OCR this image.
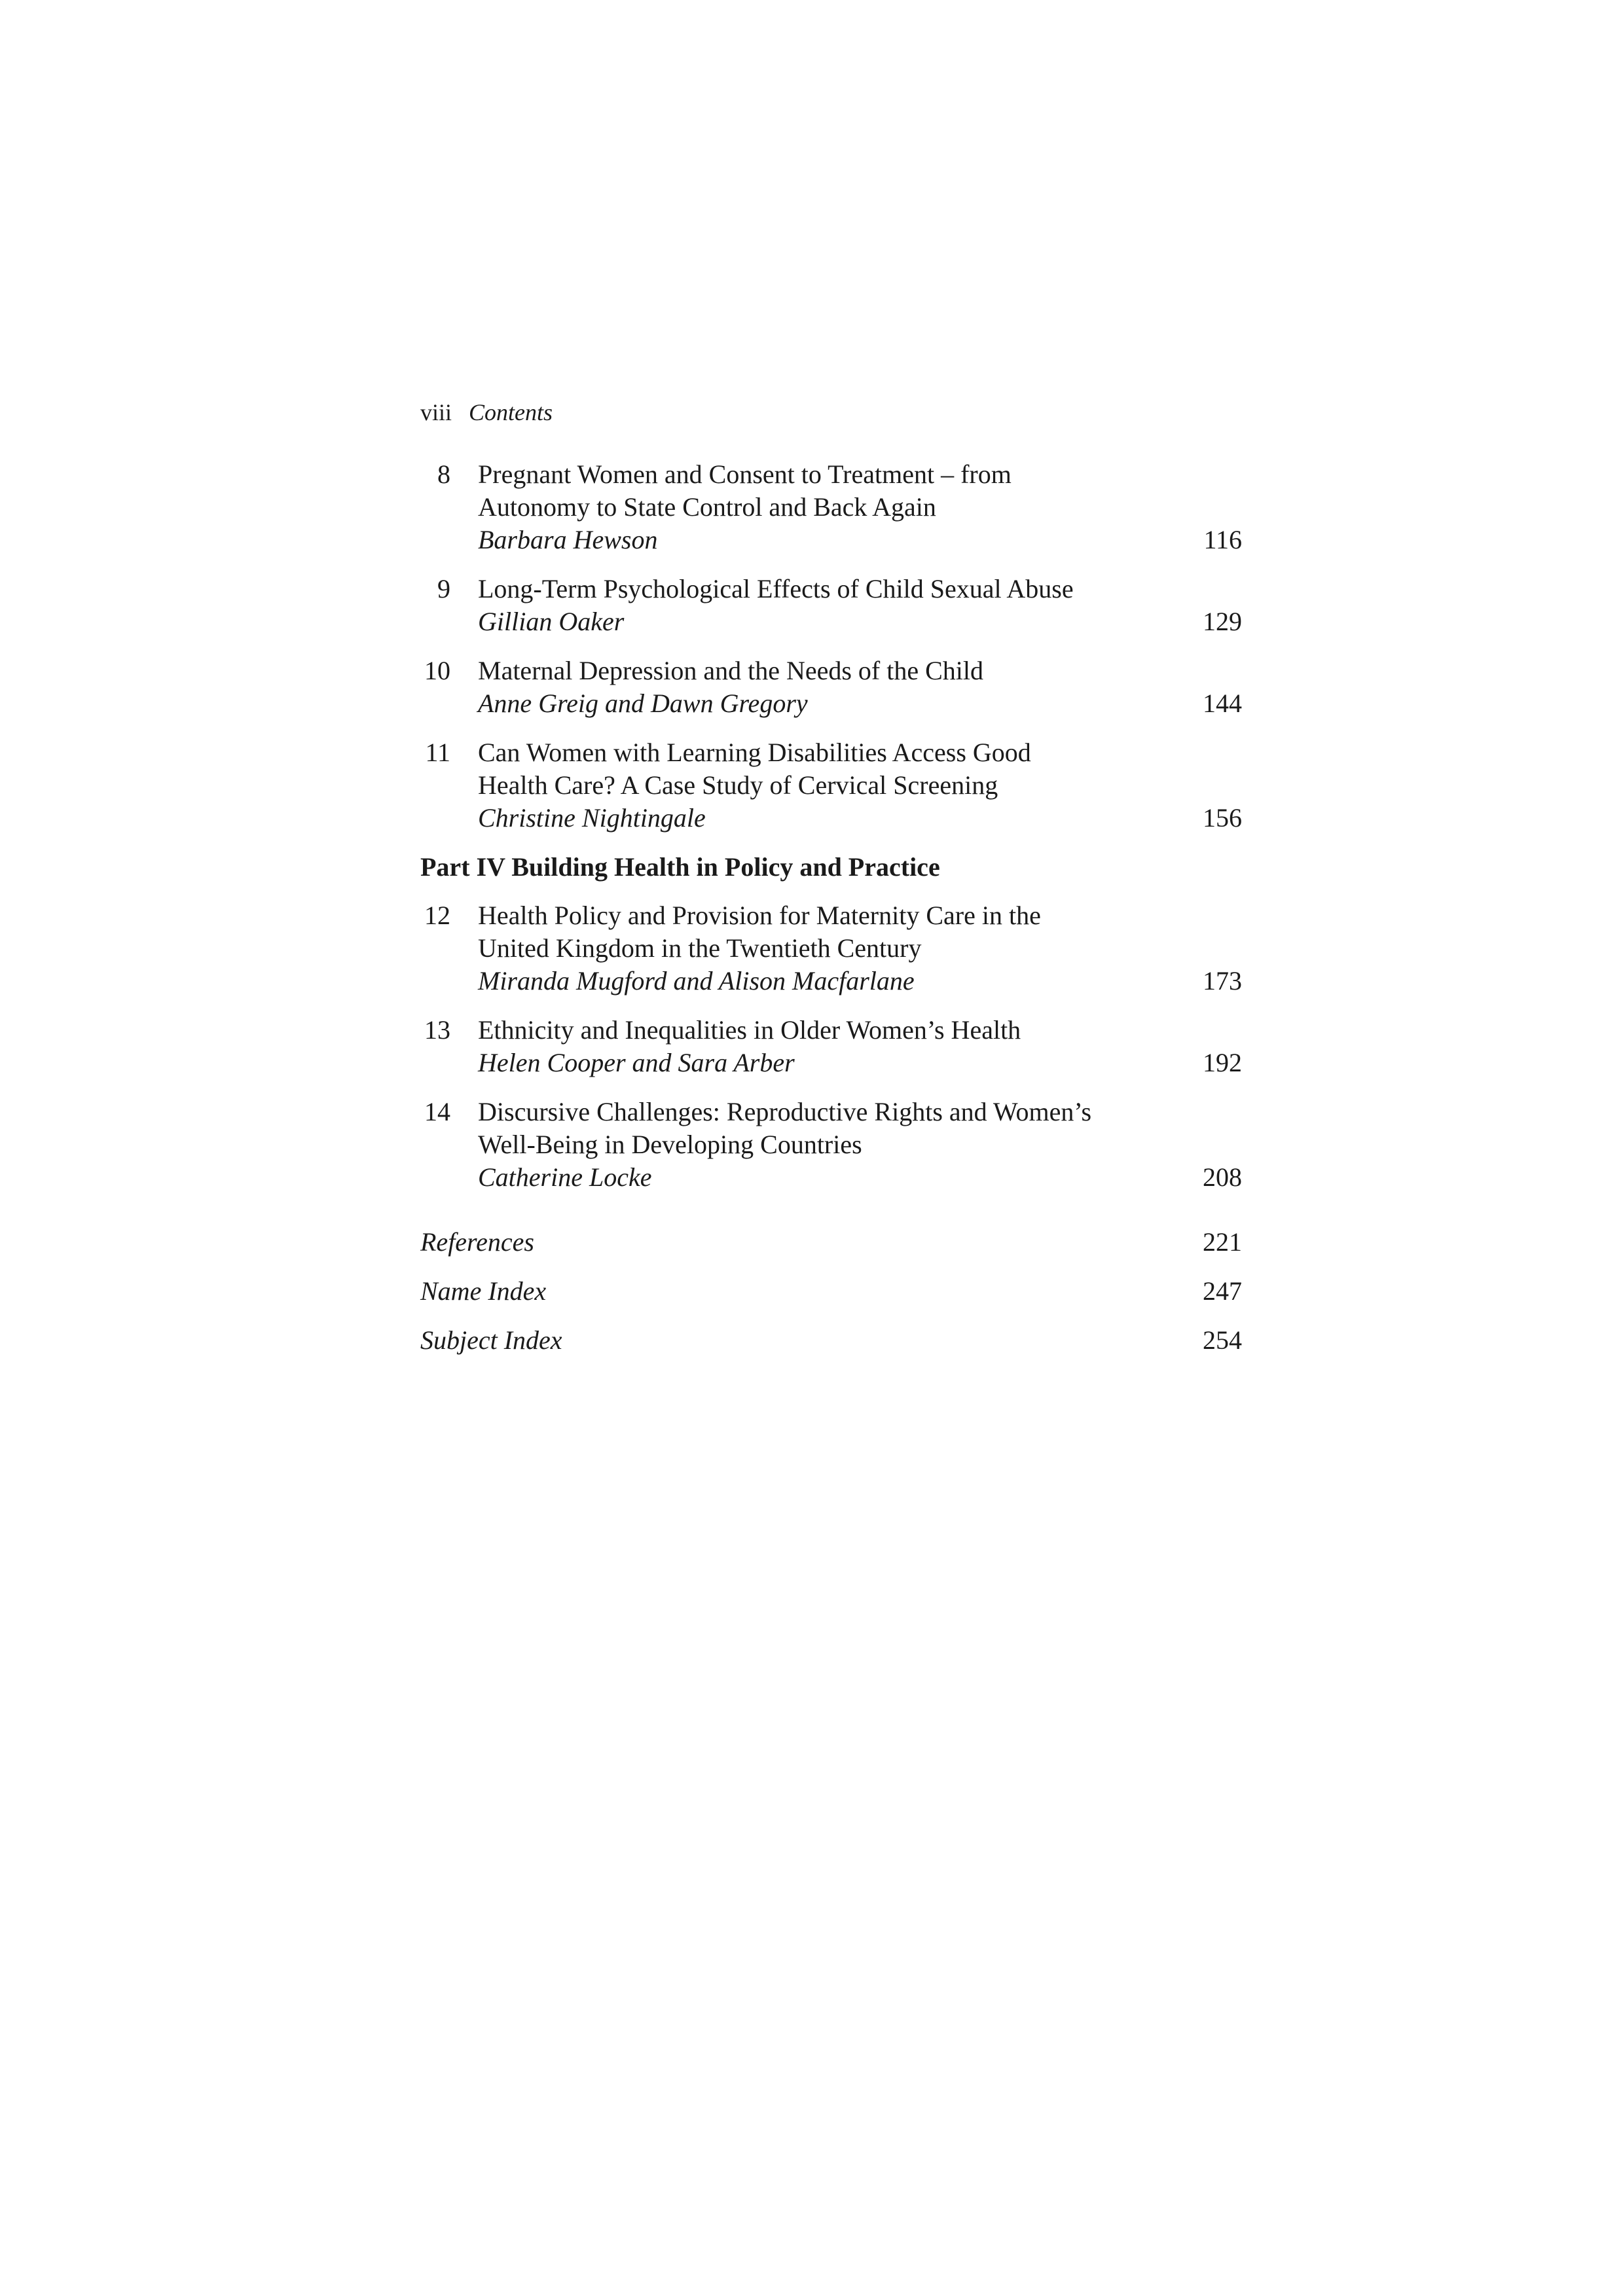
viii Contents
8 Pregnant Women and Consent to Treatment – from
Autonomy to State Control and Back Again
Barbara Hewson	116
9 Long-Term Psychological Effects of Child Sexual Abuse
Gillian Oaker	129
10 Maternal Depression and the Needs of the Child
Anne Greig and Dawn Gregory	144
11 Can Women with Learning Disabilities Access Good
Health Care? A Case Study of Cervical Screening
Christine Nightingale	156
Part IV Building Health in Policy and Practice
12 Health Policy and Provision for Maternity Care in the
United Kingdom in the Twentieth Century
Miranda Mugford and Alison Macfarlane	173
13 Ethnicity and Inequalities in Older Women’s Health
Helen Cooper and Sara Arber	192
14 Discursive Challenges: Reproductive Rights and Women’s
Well-Being in Developing Countries
Catherine Locke	208
References	221
Name Index	247
Subject Index	254
